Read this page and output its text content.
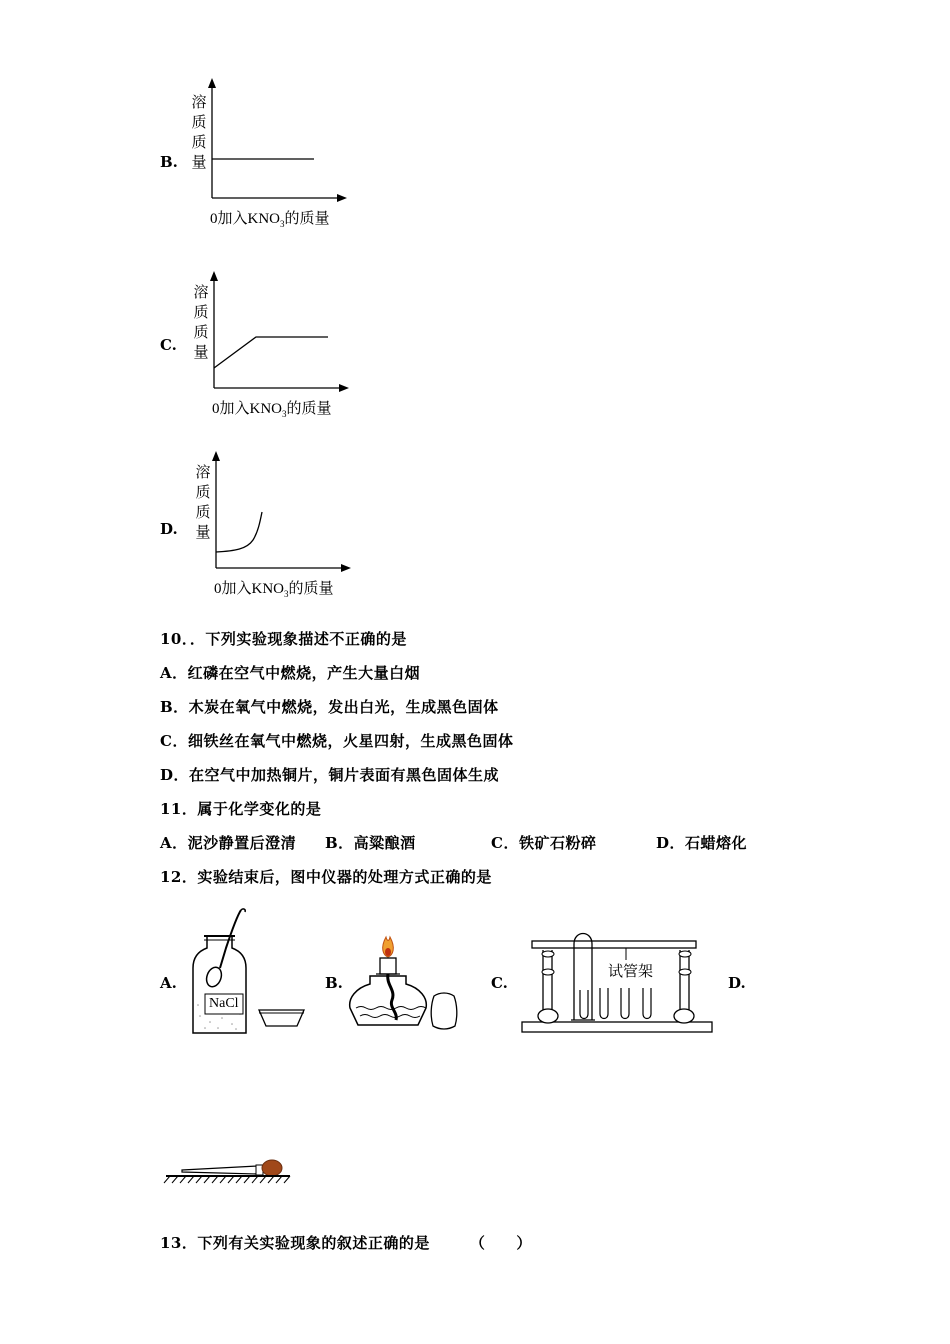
B.
溶
质
质
量
0加入$KNO_3$的质量
C.
溶
质
质
量
0加入$KNO_3$的质量
D.
溶
质
质
量
0加入$KNO_3$的质量
10．．下列实验现象描述不正确的是
A．红磷在空气中燃烧，产生大量白烟
B．木炭在氧气中燃烧，发出白光，生成黑色固体
C．细铁丝在氧气中燃烧，火星四射，生成黑色固体
D．在空气中加热铜片，铜片表面有黑色固体生成
11．属于化学变化的是
A．泥沙静置后澄清 B．高粱酿酒	C．铁矿石粉碎	D．石蜡熔化
12．实验结束后，图中仪器的处理方式正确的是
A.	B.	C.	D.
NaCl
试管架
13．下列有关实验现象的叙述正确的是	（　　）
